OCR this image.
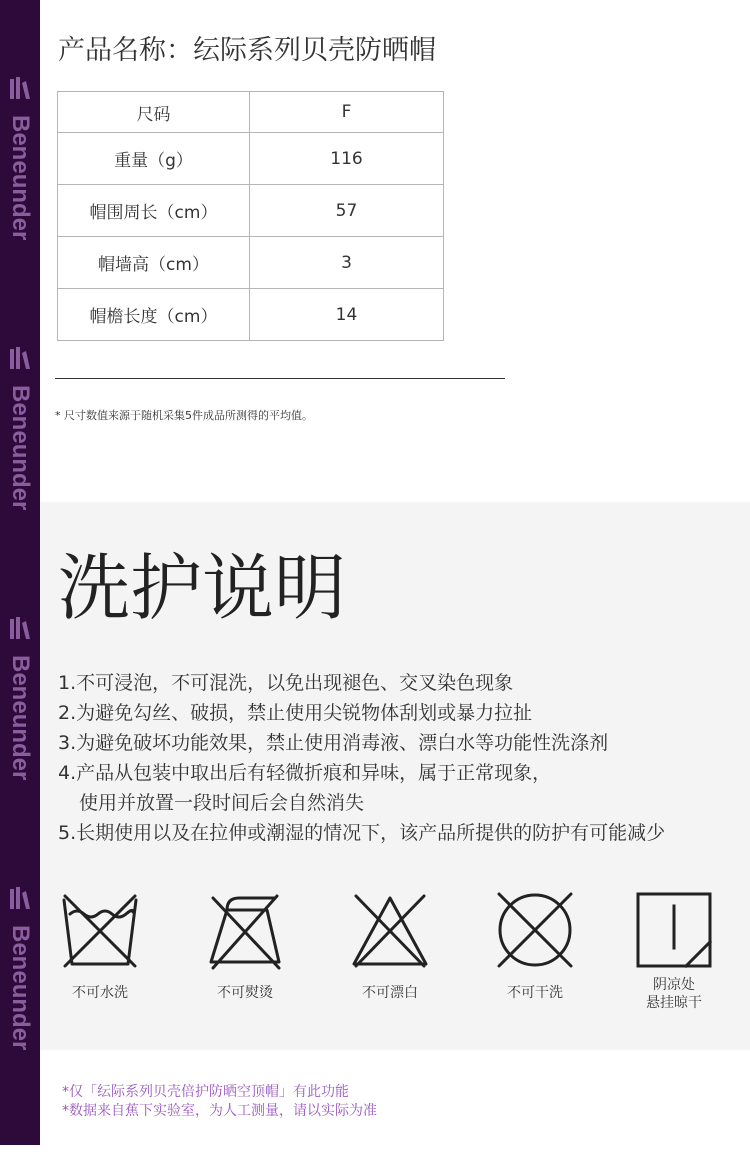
Beneunder
Beneunder
Beneunder
Beneunder
产品名称：纭际系列贝壳防晒帽
尺码	F
重量（g）	116
帽围周长（cm）	57
帽墙高（cm）	3
帽檐长度（cm）	14
* 尺寸数值来源于随机采集5件成品所测得的平均值。
洗护说明
1.不可浸泡，不可混洗，以免出现褪色、交叉染色现象
2.为避免勾丝、破损，禁止使用尖锐物体刮划或暴力拉扯
3.为避免破坏功能效果，禁止使用消毒液、漂白水等功能性洗涤剂
4.产品从包装中取出后有轻微折痕和异味，属于正常现象，
使用并放置一段时间后会自然消失
5.长期使用以及在拉伸或潮湿的情况下，该产品所提供的防护有可能减少
不可水洗	不可熨烫	不可漂白	不可干洗	阴凉处
悬挂晾干
*仅「纭际系列贝壳倍护防晒空顶帽」有此功能
*数据来自蕉下实验室，为人工测量，请以实际为准
